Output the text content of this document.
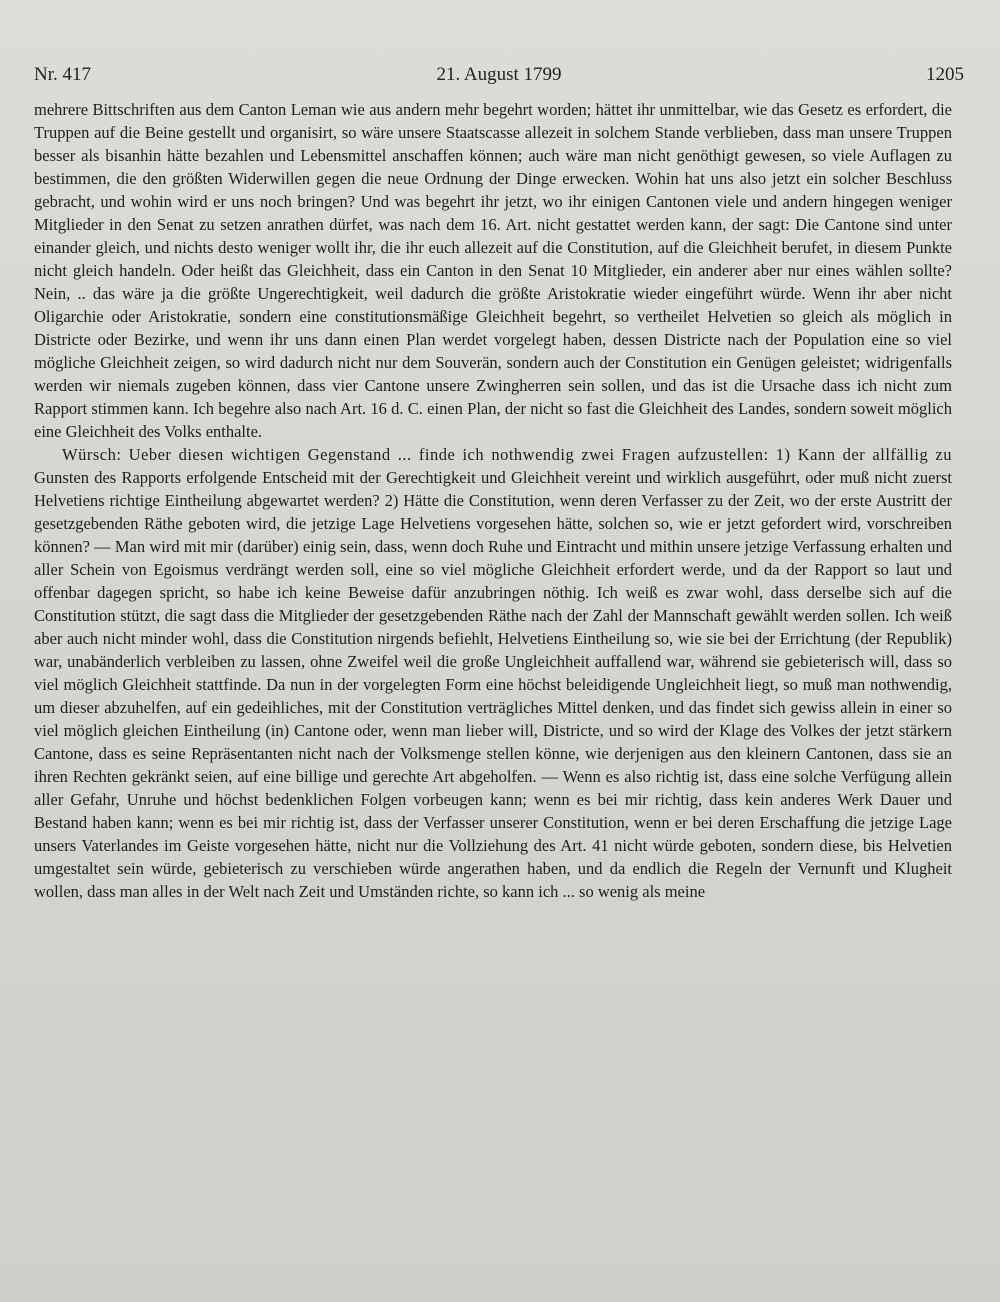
Nr. 417	21. August 1799	1205

mehrere Bittschriften aus dem Canton Leman wie aus andern mehr begehrt worden; hättet ihr unmittelbar, wie das Gesetz es erfordert, die Truppen auf die Beine gestellt und organisirt, so wäre unsere Staatscasse allezeit in solchem Stande verblieben, dass man unsere Truppen besser als bisanhin hätte bezahlen und Lebensmittel anschaffen können; auch wäre man nicht genöthigt gewesen, so viele Auflagen zu bestimmen, die den größten Widerwillen gegen die neue Ordnung der Dinge erwecken. Wohin hat uns also jetzt ein solcher Beschluss gebracht, und wohin wird er uns noch bringen? Und was begehrt ihr jetzt, wo ihr einigen Cantonen viele und andern hingegen weniger Mitglieder in den Senat zu setzen anrathen dürfet, was nach dem 16. Art. nicht gestattet werden kann, der sagt: Die Cantone sind unter einander gleich, und nichts desto weniger wollt ihr, die ihr euch allezeit auf die Constitution, auf die Gleichheit berufet, in diesem Punkte nicht gleich handeln. Oder heißt das Gleichheit, dass ein Canton in den Senat 10 Mitglieder, ein anderer aber nur eines wählen sollte? Nein, .. das wäre ja die größte Ungerechtigkeit, weil dadurch die größte Aristokratie wieder eingeführt würde. Wenn ihr aber nicht Oligarchie oder Aristokratie, sondern eine constitutionsmäßige Gleichheit begehrt, so vertheilet Helvetien so gleich als möglich in Districte oder Bezirke, und wenn ihr uns dann einen Plan werdet vorgelegt haben, dessen Districte nach der Population eine so viel mögliche Gleichheit zeigen, so wird dadurch nicht nur dem Souverän, sondern auch der Constitution ein Genügen geleistet; widrigenfalls werden wir niemals zugeben können, dass vier Cantone unsere Zwingherren sein sollen, und das ist die Ursache dass ich nicht zum Rapport stimmen kann. Ich begehre also nach Art. 16 d. C. einen Plan, der nicht so fast die Gleichheit des Landes, sondern soweit möglich eine Gleichheit des Volks enthalte.

Würsch: Ueber diesen wichtigen Gegenstand ... finde ich nothwendig zwei Fragen aufzustellen: 1) Kann der allfällig zu Gunsten des Rapports erfolgende Entscheid mit der Gerechtigkeit und Gleichheit vereint und wirklich ausgeführt, oder muß nicht zuerst Helvetiens richtige Eintheilung abgewartet werden? 2) Hätte die Constitution, wenn deren Verfasser zu der Zeit, wo der erste Austritt der gesetzgebenden Räthe geboten wird, die jetzige Lage Helvetiens vorgesehen hätte, solchen so, wie er jetzt gefordert wird, vorschreiben können? — Man wird mit mir (darüber) einig sein, dass, wenn doch Ruhe und Eintracht und mithin unsere jetzige Verfassung erhalten und aller Schein von Egoismus verdrängt werden soll, eine so viel mögliche Gleichheit erfordert werde, und da der Rapport so laut und offenbar dagegen spricht, so habe ich keine Beweise dafür anzubringen nöthig. Ich weiß es zwar wohl, dass derselbe sich auf die Constitution stützt, die sagt dass die Mitglieder der gesetzgebenden Räthe nach der Zahl der Mannschaft gewählt werden sollen. Ich weiß aber auch nicht minder wohl, dass die Constitution nirgends befiehlt, Helvetiens Eintheilung so, wie sie bei der Errichtung (der Republik) war, unabänderlich verbleiben zu lassen, ohne Zweifel weil die große Ungleichheit auffallend war, während sie gebieterisch will, dass so viel möglich Gleichheit stattfinde. Da nun in der vorgelegten Form eine höchst beleidigende Ungleichheit liegt, so muß man nothwendig, um dieser abzuhelfen, auf ein gedeihliches, mit der Constitution verträgliches Mittel denken, und das findet sich gewiss allein in einer so viel möglich gleichen Eintheilung (in) Cantone oder, wenn man lieber will, Districte, und so wird der Klage des Volkes der jetzt stärkern Cantone, dass es seine Repräsentanten nicht nach der Volksmenge stellen könne, wie derjenigen aus den kleinern Cantonen, dass sie an ihren Rechten gekränkt seien, auf eine billige und gerechte Art abgeholfen. — Wenn es also richtig ist, dass eine solche Verfügung allein aller Gefahr, Unruhe und höchst bedenklichen Folgen vorbeugen kann; wenn es bei mir richtig, dass kein anderes Werk Dauer und Bestand haben kann; wenn es bei mir richtig ist, dass der Verfasser unserer Constitution, wenn er bei deren Erschaffung die jetzige Lage unsers Vaterlandes im Geiste vorgesehen hätte, nicht nur die Vollziehung des Art. 41 nicht würde geboten, sondern diese, bis Helvetien umgestaltet sein würde, gebieterisch zu verschieben würde angerathen haben, und da endlich die Regeln der Vernunft und Klugheit wollen, dass man alles in der Welt nach Zeit und Umständen richte, so kann ich ... so wenig als meine
